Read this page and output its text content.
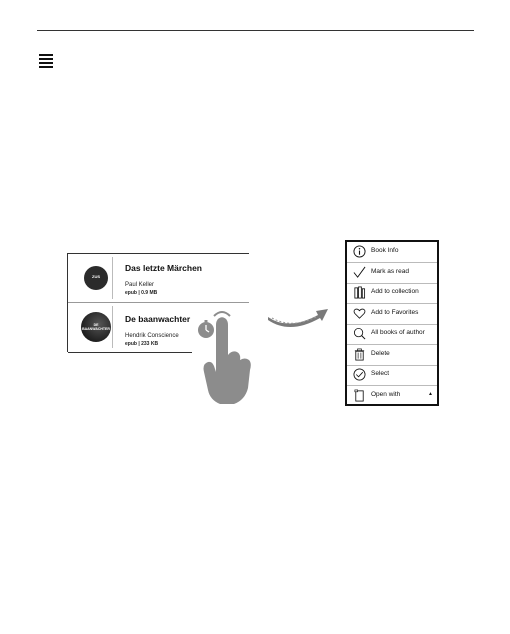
ZUS
Das letzte Märchen
Paul Keller
epub | 0.9 MB
DE BAANWACHTER
De baanwachter
Hendrik Conscience
epub | 233 KB
Book Info
Mark as read
Add to collection
Add to Favorites
All books of author
Delete
Select
Open with	▲
